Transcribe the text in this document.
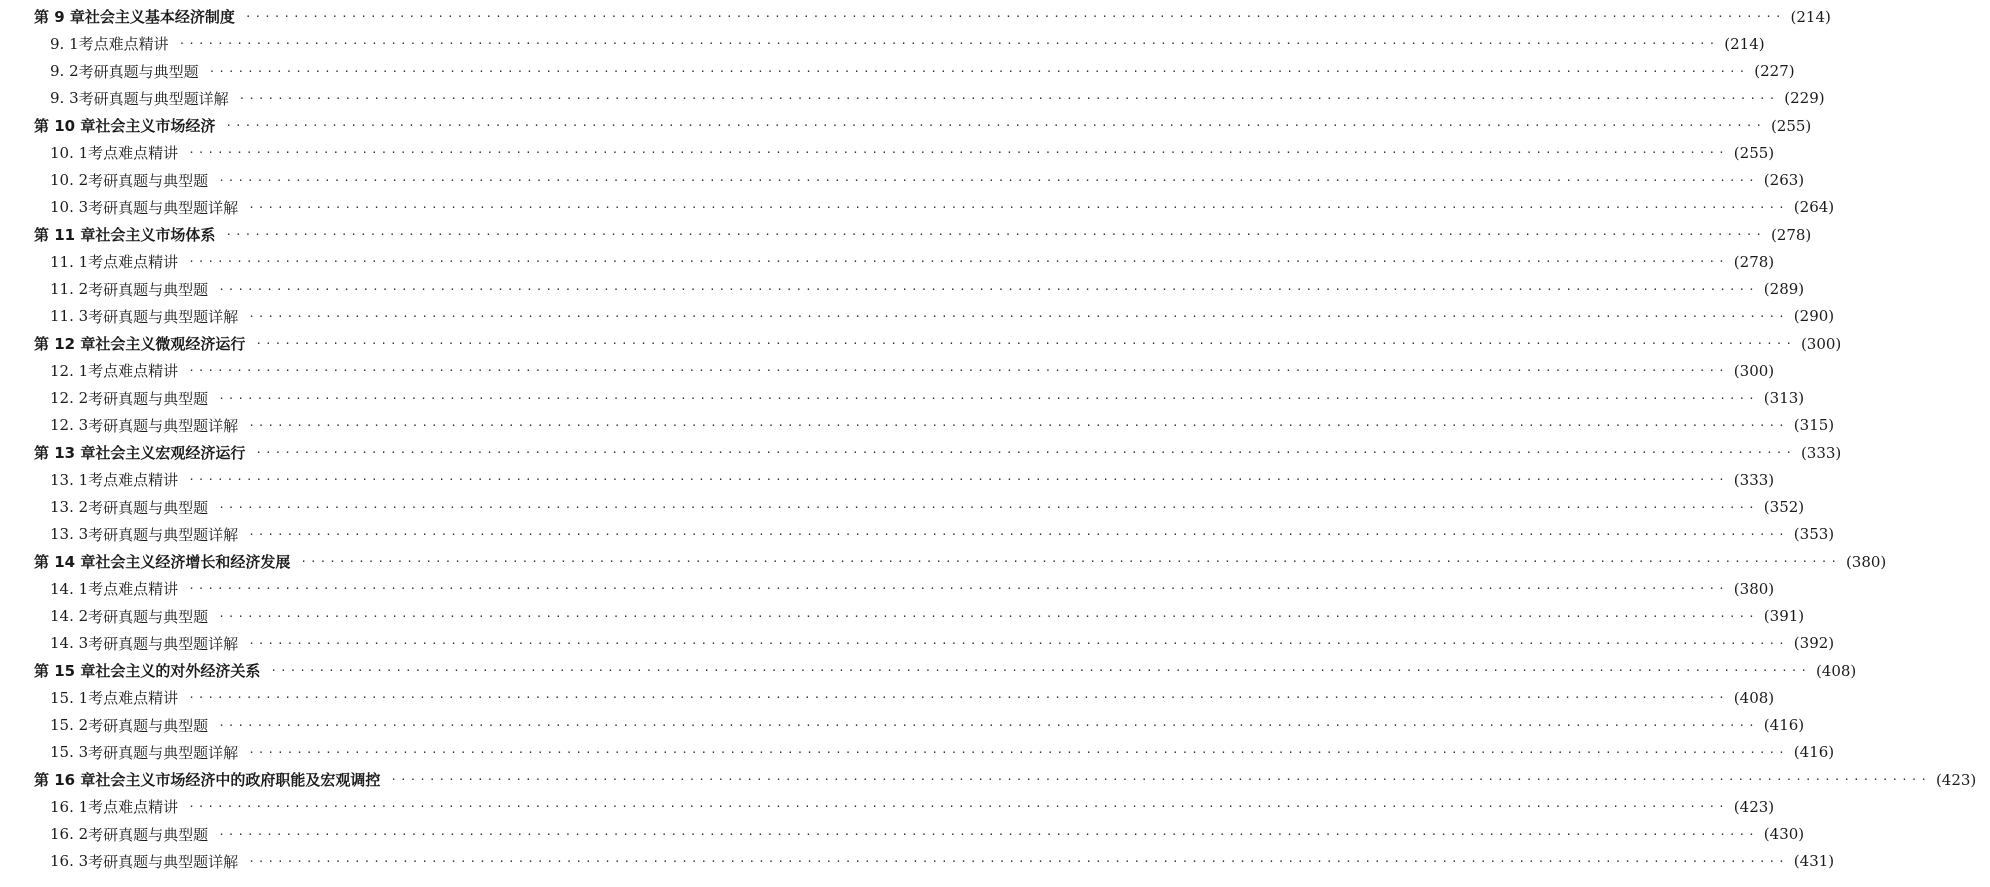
第 9 章 社会主义基本经济制度 ································································································································································ (214)
9. 1 考点难点精讲 ································································································································································ (214)
9. 2 考研真题与典型题 ································································································································································ (227)
9. 3 考研真题与典型题详解 ································································································································································ (229)
第 10 章 社会主义市场经济 ································································································································································ (255)
10. 1 考点难点精讲 ································································································································································ (255)
10. 2 考研真题与典型题 ································································································································································ (263)
10. 3 考研真题与典型题详解 ································································································································································ (264)
第 11 章 社会主义市场体系 ································································································································································ (278)
11. 1 考点难点精讲 ································································································································································ (278)
11. 2 考研真题与典型题 ································································································································································ (289)
11. 3 考研真题与典型题详解 ································································································································································ (290)
第 12 章 社会主义微观经济运行 ································································································································································ (300)
12. 1 考点难点精讲 ································································································································································ (300)
12. 2 考研真题与典型题 ································································································································································ (313)
12. 3 考研真题与典型题详解 ································································································································································ (315)
第 13 章 社会主义宏观经济运行 ································································································································································ (333)
13. 1 考点难点精讲 ································································································································································ (333)
13. 2 考研真题与典型题 ································································································································································ (352)
13. 3 考研真题与典型题详解 ································································································································································ (353)
第 14 章 社会主义经济增长和经济发展 ································································································································································ (380)
14. 1 考点难点精讲 ································································································································································ (380)
14. 2 考研真题与典型题 ································································································································································ (391)
14. 3 考研真题与典型题详解 ································································································································································ (392)
第 15 章 社会主义的对外经济关系 ································································································································································ (408)
15. 1 考点难点精讲 ································································································································································ (408)
15. 2 考研真题与典型题 ································································································································································ (416)
15. 3 考研真题与典型题详解 ································································································································································ (416)
第 16 章 社会主义市场经济中的政府职能及宏观调控 ································································································································································ (423)
16. 1 考点难点精讲 ································································································································································ (423)
16. 2 考研真题与典型题 ································································································································································ (430)
16. 3 考研真题与典型题详解 ································································································································································ (431)
